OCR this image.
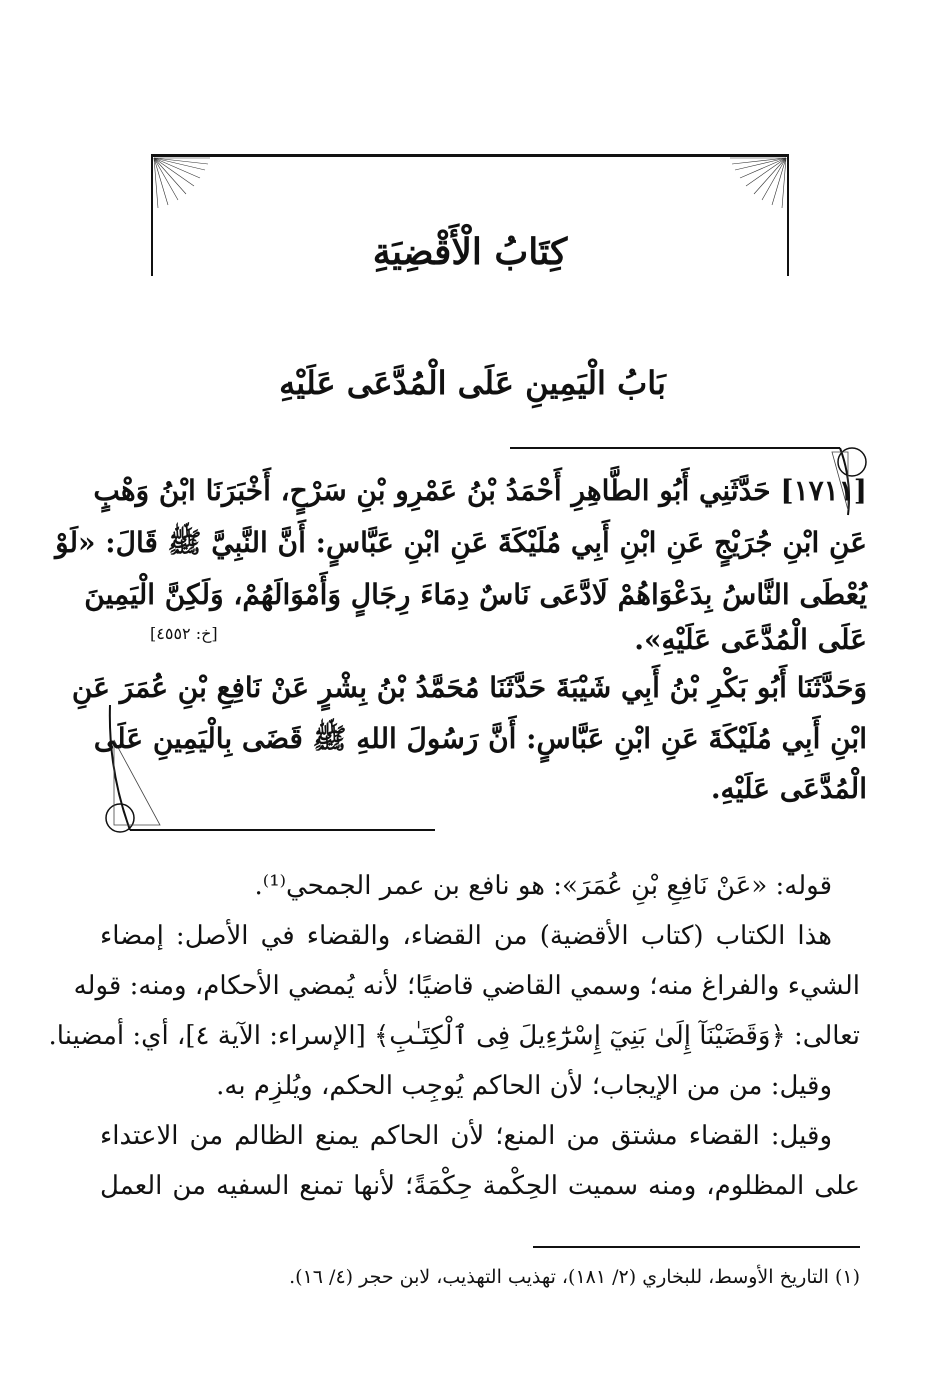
كِتَابُ الْأَقْضِيَةِ
بَابُ الْيَمِينِ عَلَى الْمُدَّعَى عَلَيْهِ
[١٧١١] حَدَّثَنِي أَبُو الطَّاهِرِ أَحْمَدُ بْنُ عَمْرِو بْنِ سَرْحٍ، أَخْبَرَنَا ابْنُ وَهْبٍ
عَنِ ابْنِ جُرَيْجٍ عَنِ ابْنِ أَبِي مُلَيْكَةَ عَنِ ابْنِ عَبَّاسٍ: أَنَّ النَّبِيَّ ﷺ قَالَ: «لَوْ
يُعْطَى النَّاسُ بِدَعْوَاهُمْ لَادَّعَى نَاسٌ دِمَاءَ رِجَالٍ وَأَمْوَالَهُمْ، وَلَكِنَّ الْيَمِينَ
عَلَى الْمُدَّعَى عَلَيْهِ».
[خ: ٤٥٥٢]
وَحَدَّثَنَا أَبُو بَكْرِ بْنُ أَبِي شَيْبَةَ حَدَّثَنَا مُحَمَّدُ بْنُ بِشْرٍ عَنْ نَافِعِ بْنِ عُمَرَ عَنِ
ابْنِ أَبِي مُلَيْكَةَ عَنِ ابْنِ عَبَّاسٍ: أَنَّ رَسُولَ اللهِ ﷺ قَضَى بِالْيَمِينِ عَلَى
الْمُدَّعَى عَلَيْهِ.
قوله: «عَنْ نَافِعِ بْنِ عُمَرَ»: هو نافع بن عمر الجمحي⁽¹⁾.
هذا الكتاب (كتاب الأقضية) من القضاء، والقضاء في الأصل: إمضاء
الشيء والفراغ منه؛ وسمي القاضي قاضيًا؛ لأنه يُمضي الأحكام، ومنه: قوله
تعالى: ﴿وَقَضَيْنَآ إِلَىٰ بَنِيٓ إِسْرَٰٓءِيلَ فِى ٱلْكِتَـٰبِ﴾ [الإسراء: الآية ٤]، أي: أمضينا.
وقيل: من من الإيجاب؛ لأن الحاكم يُوجِب الحكم، ويُلزِم به.
وقيل: القضاء مشتق من المنع؛ لأن الحاكم يمنع الظالم من الاعتداء
على المظلوم، ومنه سميت الحِكْمة حِكْمَةً؛ لأنها تمنع السفيه من العمل
(١) التاريخ الأوسط، للبخاري (٢/ ١٨١)، تهذيب التهذيب، لابن حجر (٤/ ١٦).
